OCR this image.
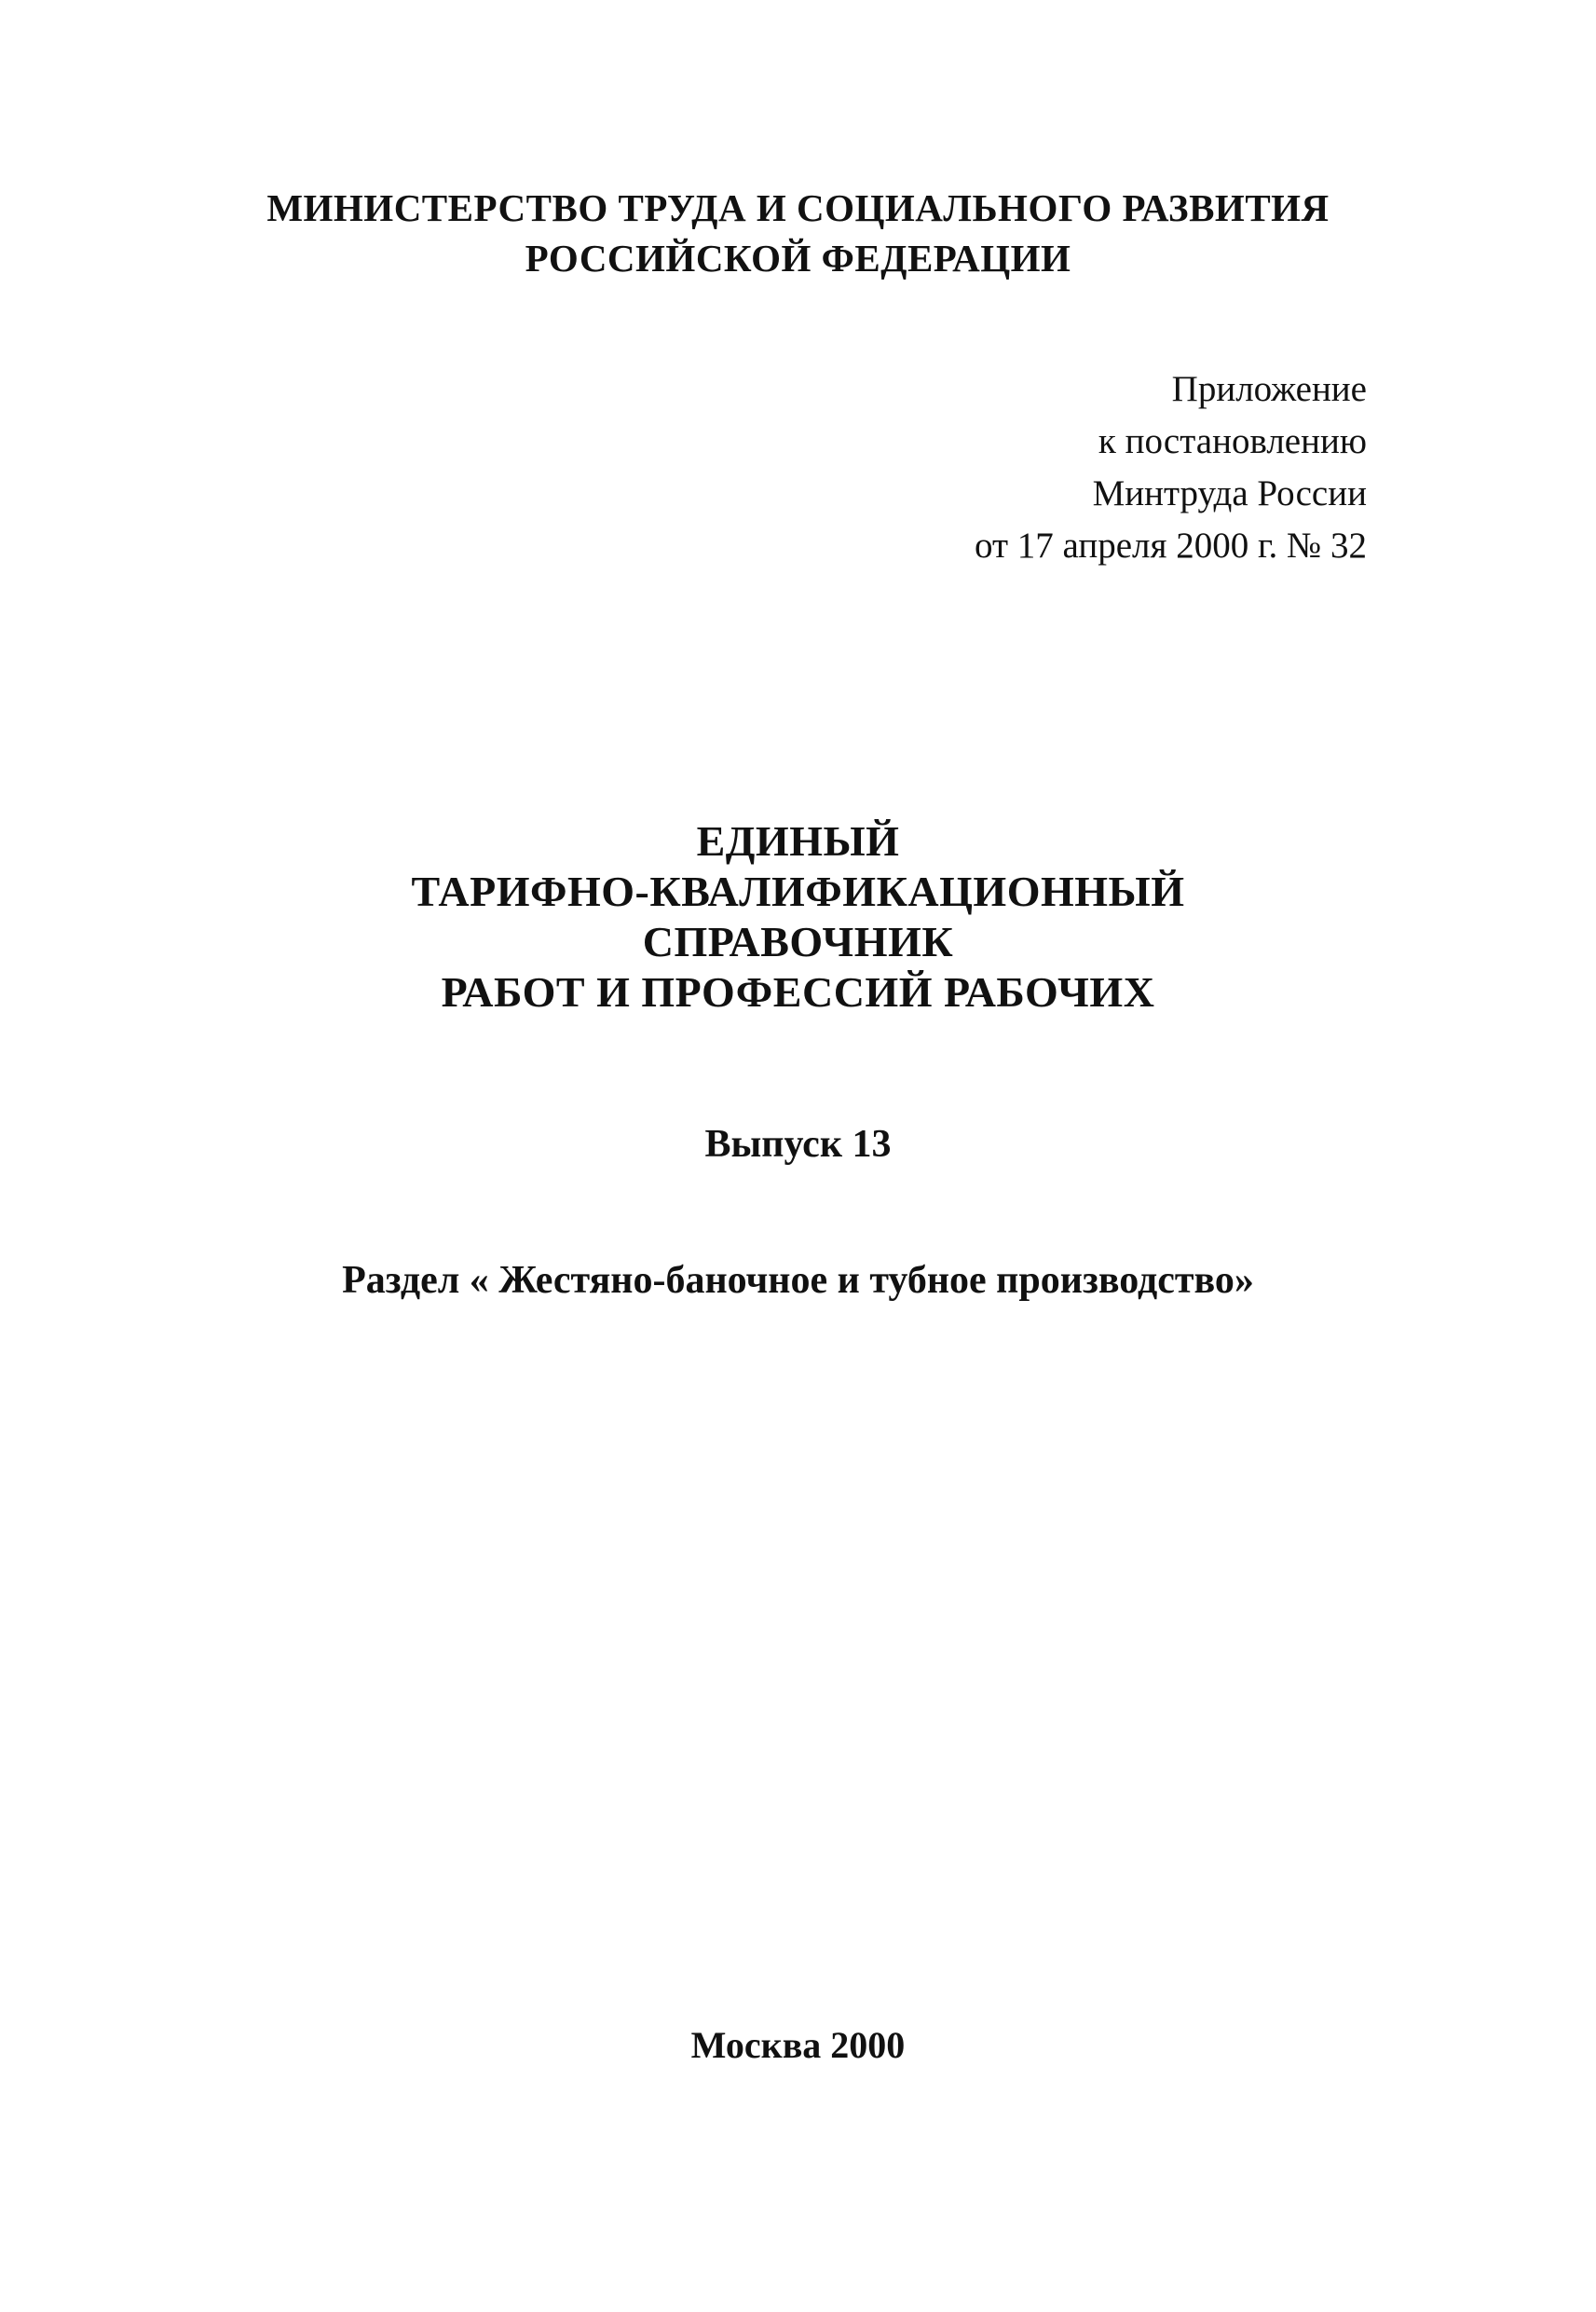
МИНИСТЕРСТВО ТРУДА И СОЦИАЛЬНОГО РАЗВИТИЯ
РОССИЙСКОЙ ФЕДЕРАЦИИ
Приложение
к постановлению
Минтруда России
от 17 апреля 2000 г. № 32
ЕДИНЫЙ
ТАРИФНО-КВАЛИФИКАЦИОННЫЙ
СПРАВОЧНИК
РАБОТ И ПРОФЕССИЙ РАБОЧИХ
Выпуск 13
Раздел « Жестяно-баночное и тубное производство»
Москва 2000
